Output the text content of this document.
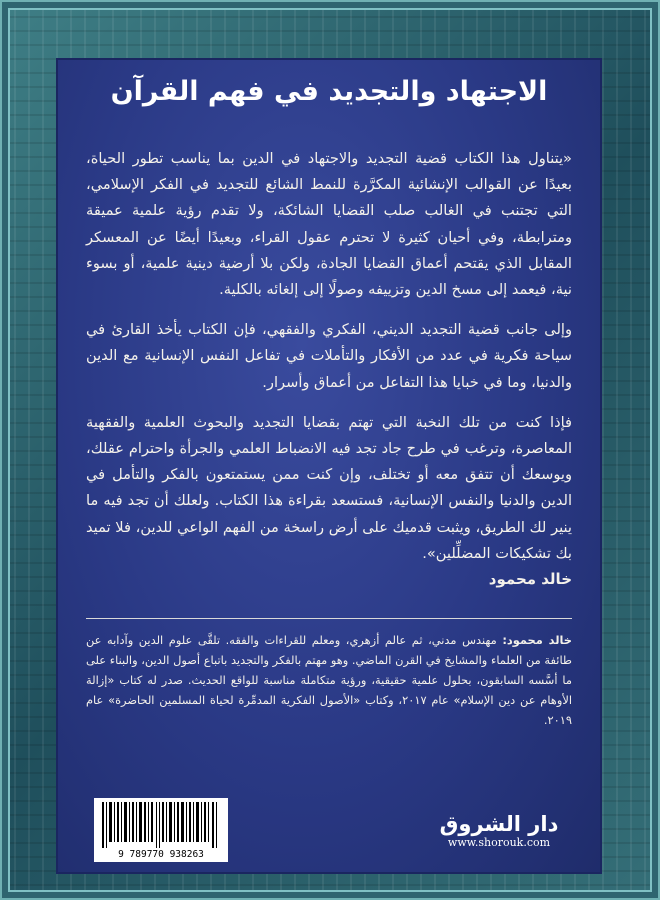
الاجتهاد والتجديد في فهم القرآن

«يتناول هذا الكتاب قضية التجديد والاجتهاد في الدين بما يناسب تطور الحياة، بعيدًا عن القوالب الإنشائية المكرَّرة للنمط الشائع للتجديد في الفكر الإسلامي، التي تجتنب في الغالب صلب القضايا الشائكة، ولا تقدم رؤية علمية عميقة ومترابطة، وفي أحيان كثيرة لا تحترم عقول القراء، وبعيدًا أيضًا عن المعسكر المقابل الذي يقتحم أعماق القضايا الجادة، ولكن بلا أرضية دينية علمية، أو بسوء نية، فيعمد إلى مسخ الدين وتزييفه وصولًا إلى إلغائه بالكلية.

وإلى جانب قضية التجديد الديني، الفكري والفقهي، فإن الكتاب يأخذ القارئ في سياحة فكرية في عدد من الأفكار والتأملات في تفاعل النفس الإنسانية مع الدين والدنيا، وما في خبايا هذا التفاعل من أعماق وأسرار.

فإذا كنت من تلك النخبة التي تهتم بقضايا التجديد والبحوث العلمية والفقهية المعاصرة، وترغب في طرح جاد تجد فيه الانضباط العلمي والجرأة واحترام عقلك، ويوسعك أن تتفق معه أو تختلف، وإن كنت ممن يستمتعون بالفكر والتأمل في الدين والدنيا والنفس الإنسانية، فستسعد بقراءة هذا الكتاب. ولعلك أن تجد فيه ما ينير لك الطريق، ويثبت قدميك على أرض راسخة من الفهم الواعي للدين، فلا تميد بك تشكيكات المضلِّلين».

خالد محمود
خالد محمود: مهندس مدني، ثم عالم أزهري، ومعلم للقراءات والفقه. تلقَّى علوم الدين وآدابه عن طائفة من العلماء والمشايخ في القرن الماضي. وهو مهتم بالفكر والتجديد باتباع أصول الدين، والبناء على ما أسَّسه السابقون، بحلول علمية حقيقية، ورؤية متكاملة مناسبة للواقع الحديث. صدر له كتاب «إزالة الأوهام عن دين الإسلام» عام ٢٠١٧، وكتاب «الأصول الفكرية المدمِّرة لحياة المسلمين الحاضرة» عام ٢٠١٩.
9 789770 938263
دار الشروق
www.shorouk.com
